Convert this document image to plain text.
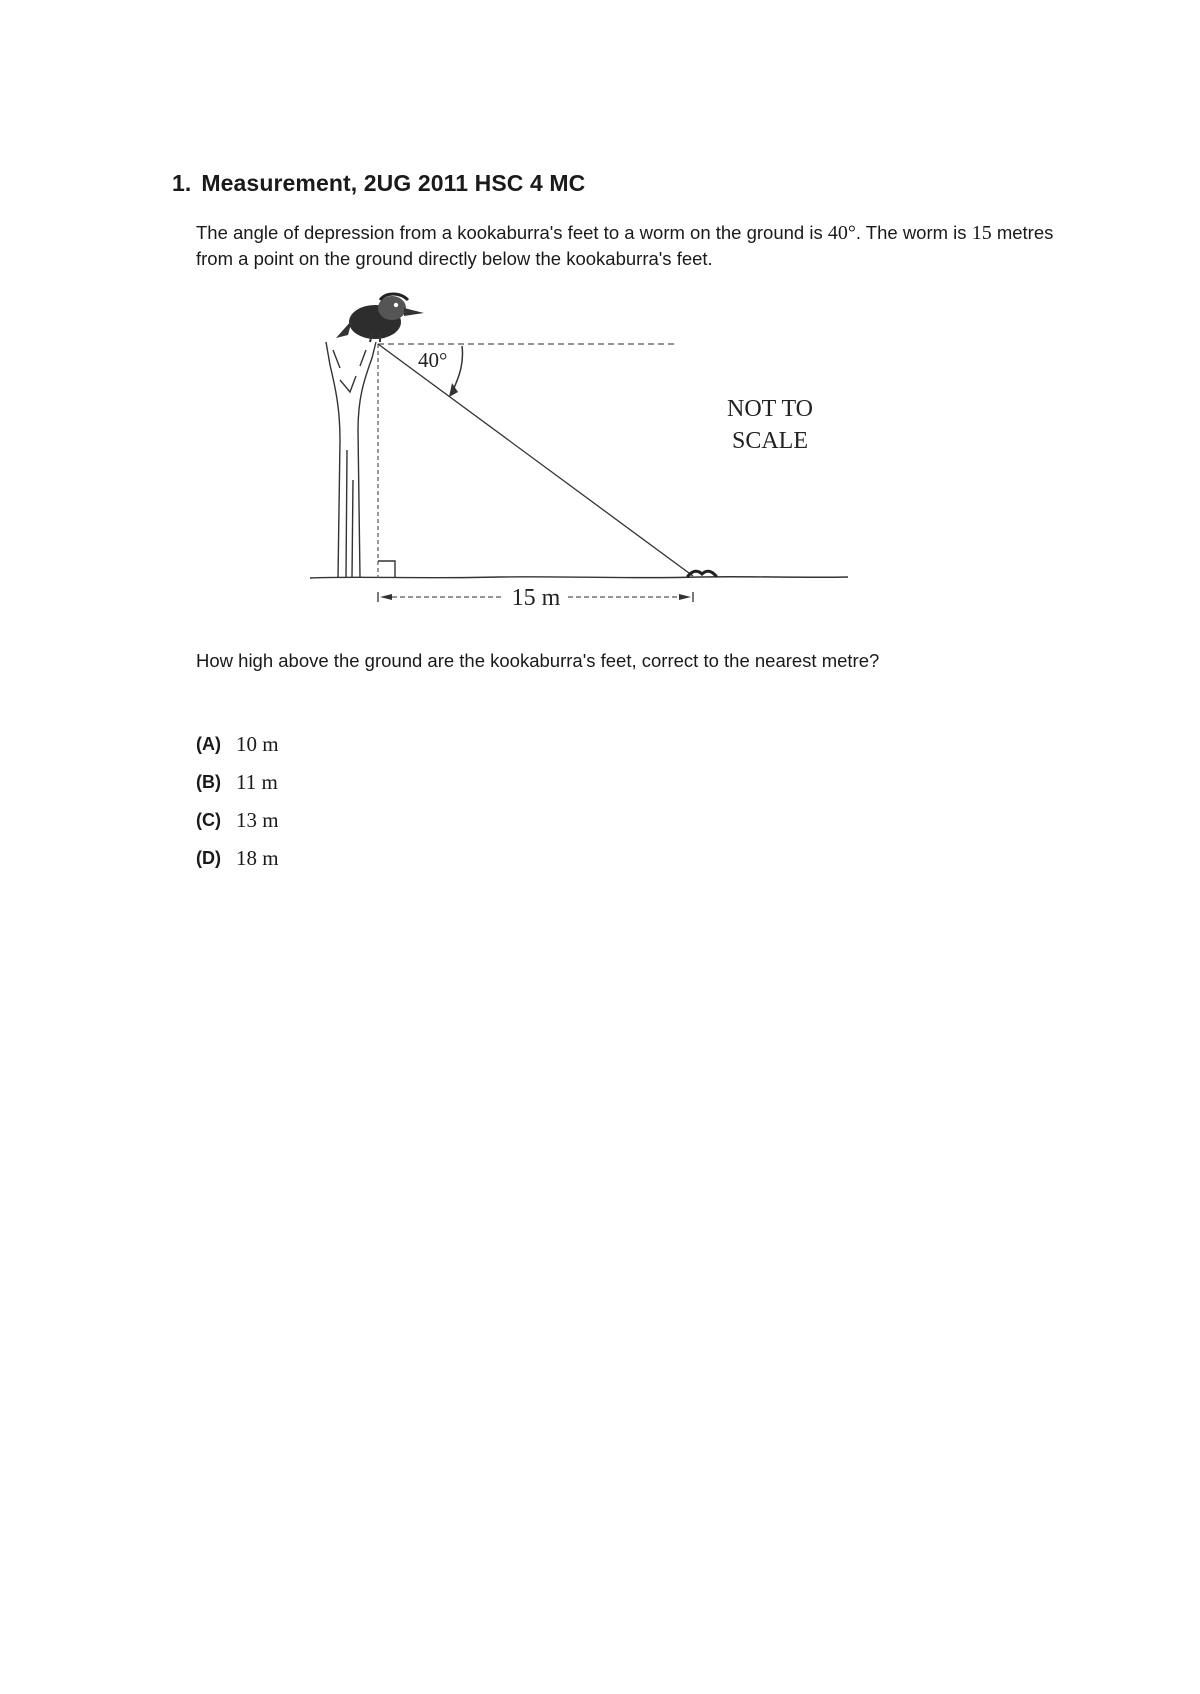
1. Measurement, 2UG 2011 HSC 4 MC
The angle of depression from a kookaburra's feet to a worm on the ground is 40°. The worm is 15 metres from a point on the ground directly below the kookaburra's feet.
40°
15 m
NOT TO
SCALE
How high above the ground are the kookaburra's feet, correct to the nearest metre?
(A) 10 m
(B) 11 m
(C) 13 m
(D) 18 m
